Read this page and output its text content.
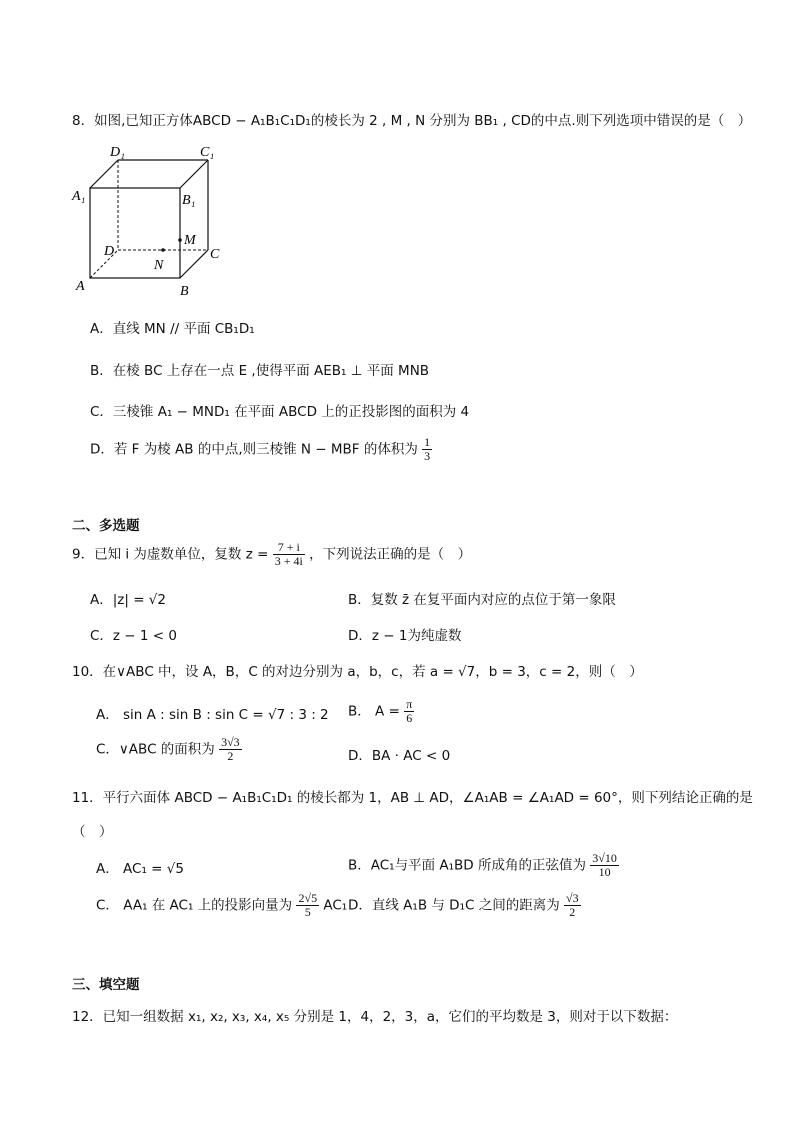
8．如图,已知正方体ABCD − A₁B₁C₁D₁的棱长为 2 , M , N 分别为 BB₁ , CD的中点.则下列选项中错误的是（　）
D₁	C₁
A₁	B₁
D
M
C
N
A	B
A．直线 MN // 平面 CB₁D₁
B．在棱 BC 上存在一点 E ,使得平面 AEB₁ ⊥ 平面 MNB
C．三棱锥 A₁ − MND₁ 在平面 ABCD 上的正投影图的面积为 4
D．若 F 为棱 AB 的中点,则三棱锥 N − MBF 的体积为 $\frac{1}{3}$
二、多选题
9．已知 i 为虚数单位，复数 $z = \frac{7 + i}{3 + 4i}$ ，下列说法正确的是（　）
A．|z| = √2	B．复数 z̄ 在复平面内对应的点位于第一象限
C．z − 1 < 0	D．z − 1为纯虚数
10．在∨ABC 中，设 A，B，C 的对边分别为 a，b，c，若 a = √7，b = 3，c = 2，则（　）
A． sin A : sin B : sin C = √7 : 3 : 2 B． $A = \frac{\pi}{6}$
C．∨ABC 的面积为 $\frac{3√3}{2}$	D．BA · AC < 0
11．平行六面体 ABCD − A₁B₁C₁D₁ 的棱长都为 1，AB ⊥ AD，∠A₁AB = ∠A₁AD = 60°，则下列结论正确的是
（　）
A． AC₁ = √5	B．AC₁与平面 A₁BD 所成角的正弦值为 $\frac{3√10}{10}$
C． AA₁ 在 AC₁ 上的投影向量为 $\frac{2√5}{5} AC_1$ D．直线 A₁B 与 D₁C 之间的距离为 $\frac{√3}{2}$
三、填空题
12．已知一组数据 x₁, x₂, x₃, x₄, x₅ 分别是 1，4，2，3，a，它们的平均数是 3，则对于以下数据：
